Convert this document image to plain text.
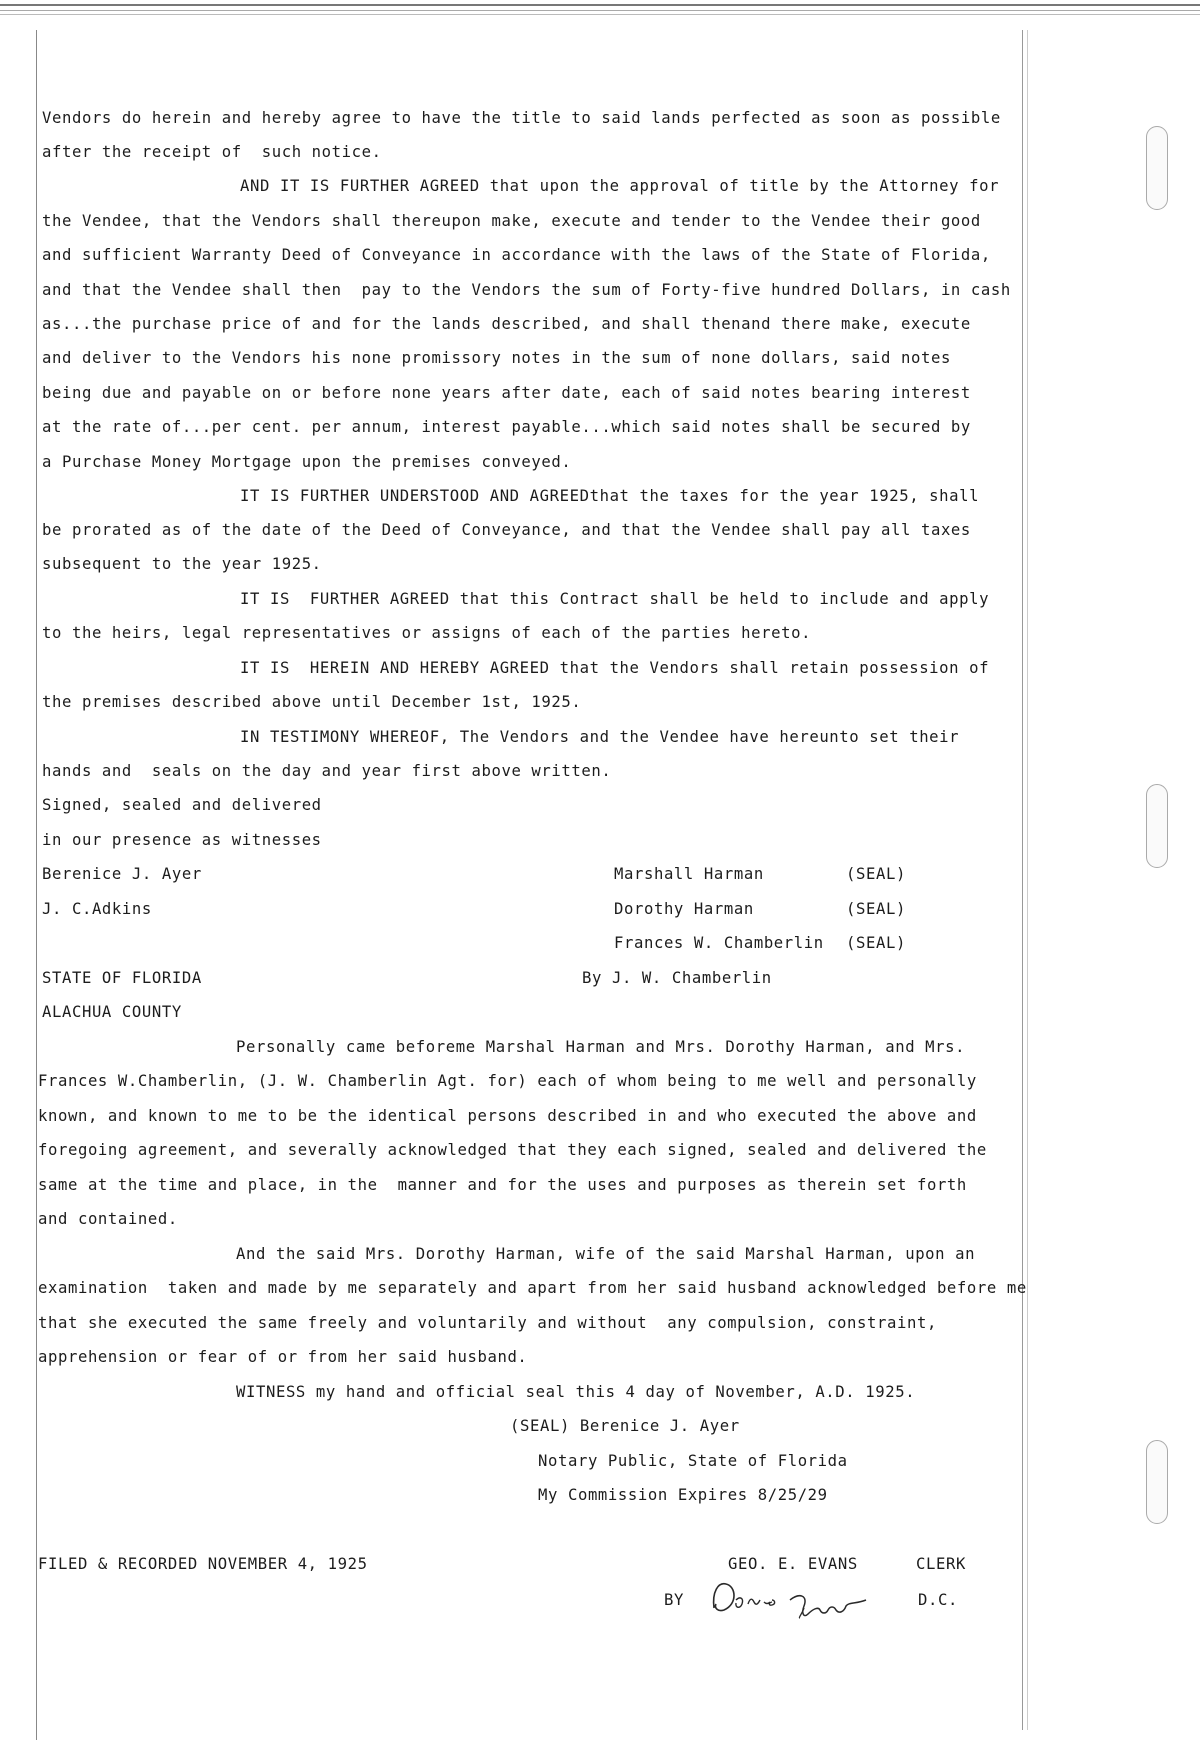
Vendors do herein and hereby agree to have the title to said lands perfected as soon as possible
after the receipt of  such notice.
AND IT IS FURTHER AGREED that upon the approval of title by the Attorney for
the Vendee, that the Vendors shall thereupon make, execute and tender to the Vendee their good
and sufficient Warranty Deed of Conveyance in accordance with the laws of the State of Florida,
and that the Vendee shall then  pay to the Vendors the sum of Forty-five hundred Dollars, in cash
as...the purchase price of and for the lands described, and shall thenand there make, execute
and deliver to the Vendors his none promissory notes in the sum of none dollars, said notes
being due and payable on or before none years after date, each of said notes bearing interest
at the rate of...per cent. per annum, interest payable...which said notes shall be secured by
a Purchase Money Mortgage upon the premises conveyed.
IT IS FURTHER UNDERSTOOD AND AGREEDthat the taxes for the year 1925, shall
be prorated as of the date of the Deed of Conveyance, and that the Vendee shall pay all taxes
subsequent to the year 1925.
IT IS  FURTHER AGREED that this Contract shall be held to include and apply
to the heirs, legal representatives or assigns of each of the parties hereto.
IT IS  HEREIN AND HEREBY AGREED that the Vendors shall retain possession of
the premises described above until December 1st, 1925.
IN TESTIMONY WHEREOF, The Vendors and the Vendee have hereunto set their
hands and  seals on the day and year first above written.
Signed, sealed and delivered
in our presence as witnesses
Berenice J. Ayer
J. C.Adkins
Marshall Harman	(SEAL)
Dorothy Harman	(SEAL)
Frances W. Chamberlin (SEAL)
STATE OF FLORIDA	By J. W. Chamberlin
ALACHUA COUNTY
Personally came beforeme Marshal Harman and Mrs. Dorothy Harman, and Mrs.
Frances W.Chamberlin, (J. W. Chamberlin Agt. for) each of whom being to me well and personally
known, and known to me to be the identical persons described in and who executed the above and
foregoing agreement, and severally acknowledged that they each signed, sealed and delivered the
same at the time and place, in the  manner and for the uses and purposes as therein set forth
and contained.
And the said Mrs. Dorothy Harman, wife of the said Marshal Harman, upon an
examination  taken and made by me separately and apart from her said husband acknowledged before me
that she executed the same freely and voluntarily and without  any compulsion, constraint,
apprehension or fear of or from her said husband.
WITNESS my hand and official seal this 4 day of November, A.D. 1925.
(SEAL) Berenice J. Ayer
Notary Public, State of Florida
My Commission Expires 8/25/29
FILED & RECORDED NOVEMBER 4, 1925	GEO. E. EVANS	CLERK
BY	D.C.
